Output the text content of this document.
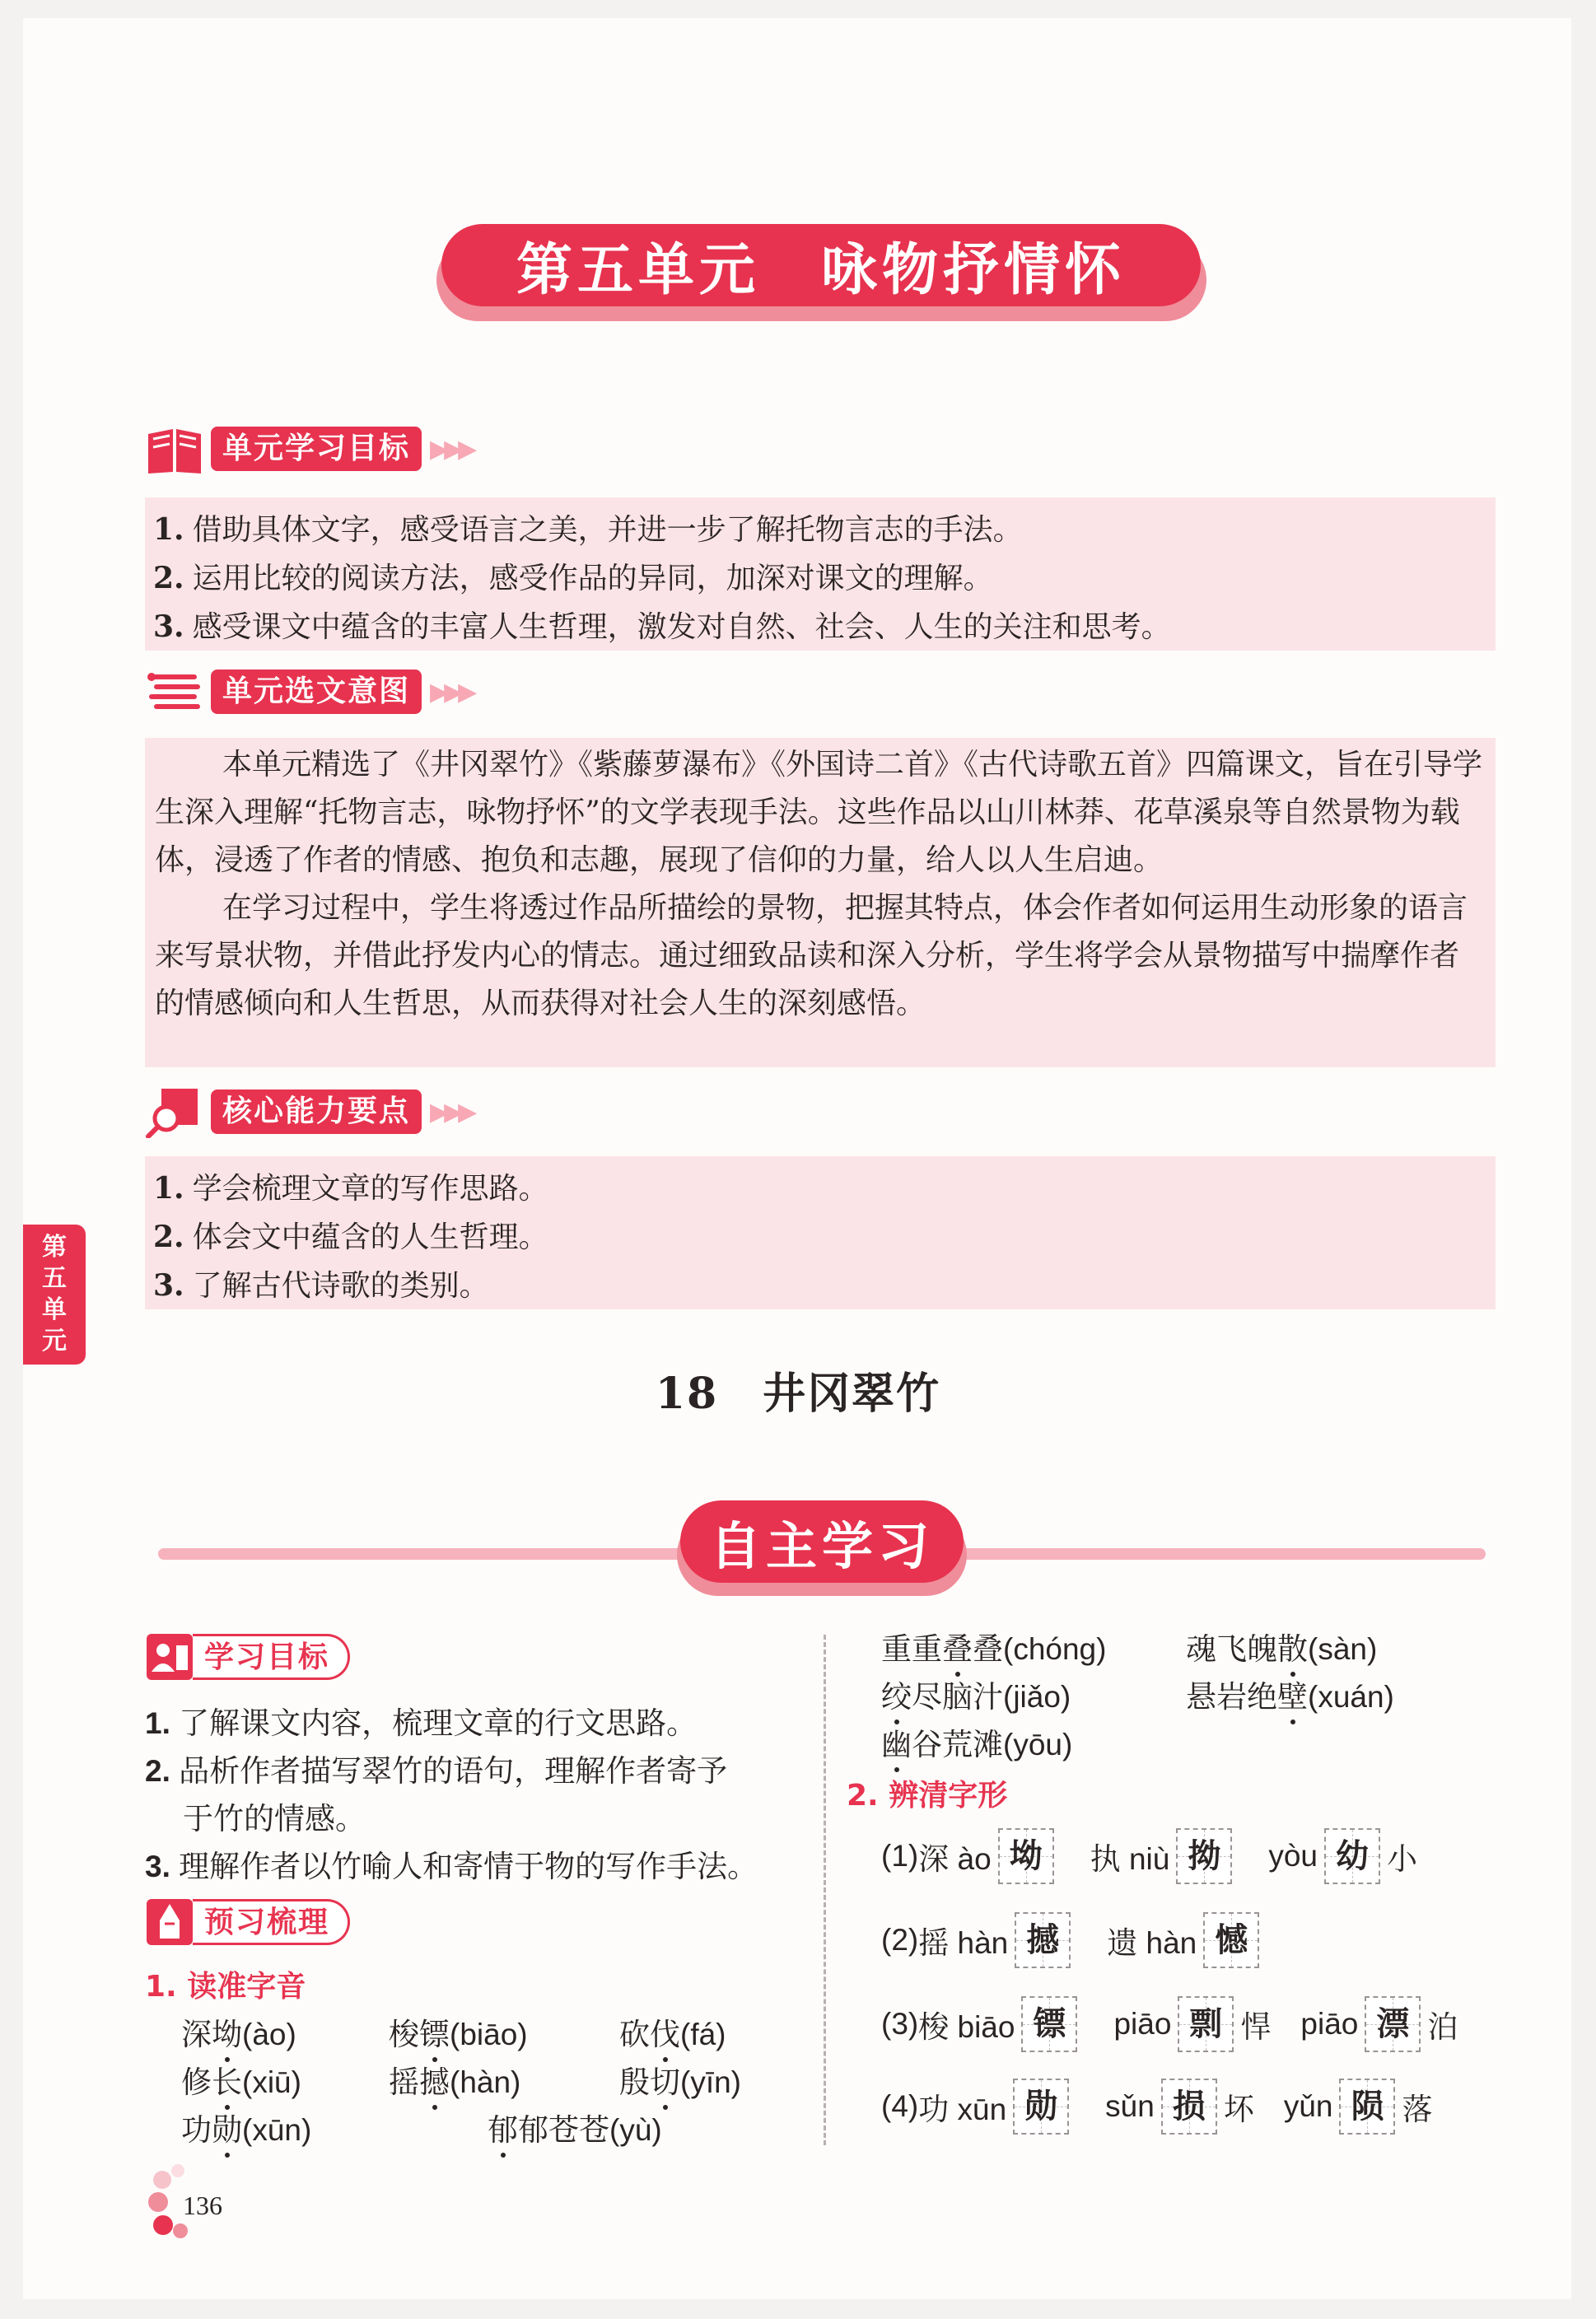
第五单元　咏物抒情怀
单元学习目标 ▶▶▶

1. 借助具体文字，感受语言之美，并进一步了解托物言志的手法。

2. 运用比较的阅读方法，感受作品的异同，加深对课文的理解。

3. 感受课文中蕴含的丰富人生哲理，激发对自然、社会、人生的关注和思考。

单元选文意图 ▶▶▶

本单元精选了《井冈翠竹》《紫藤萝瀑布》《外国诗二首》《古代诗歌五首》四篇课文，旨在引导学生深入理解“托物言志，咏物抒怀”的文学表现手法。这些作品以山川林莽、花草溪泉等自然景物为载体，浸透了作者的情感、抱负和志趣，展现了信仰的力量，给人以人生启迪。

在学习过程中，学生将透过作品所描绘的景物，把握其特点，体会作者如何运用生动形象的语言来写景状物，并借此抒发内心的情志。通过细致品读和深入分析，学生将学会从景物描写中揣摩作者的情感倾向和人生哲思，从而获得对社会人生的深刻感悟。

核心能力要点 ▶▶▶

1. 学会梳理文章的写作思路。

2. 体会文中蕴含的人生哲理。

3. 了解古代诗歌的类别。

第
五
单
元
18　井冈翠竹
自主学习
学习目标

1. 了解课文内容，梳理文章的行文思路。

2. 品析作者描写翠竹的语句，理解作者寄予

于竹的情感。

3. 理解作者以竹喻人和寄情于物的写作手法。

预习梳理
1. 读准字音
深坳(ào)	梭镖(biāo)	砍伐(fá)
修长(xiū)	摇撼(hàn)	殷切(yīn)
功勋(xūn)	郁郁苍苍(yù)
重重叠叠(chóng)	魂飞魄散(sàn)
绞尽脑汁(jiǎo)	悬岩绝壁(xuán)
幽谷荒滩(yōu)
2. 辨清字形
(1) 深 ào 坳	执 niù 拗	yòu 幼 小
(2) 摇 hàn 撼	遗 hàn 憾
(3) 梭 biāo 镖	piāo 剽 悍 piāo 漂 泊
(4) 功 xūn 勋	sǔn 损 坏 yǔn 陨 落
136
